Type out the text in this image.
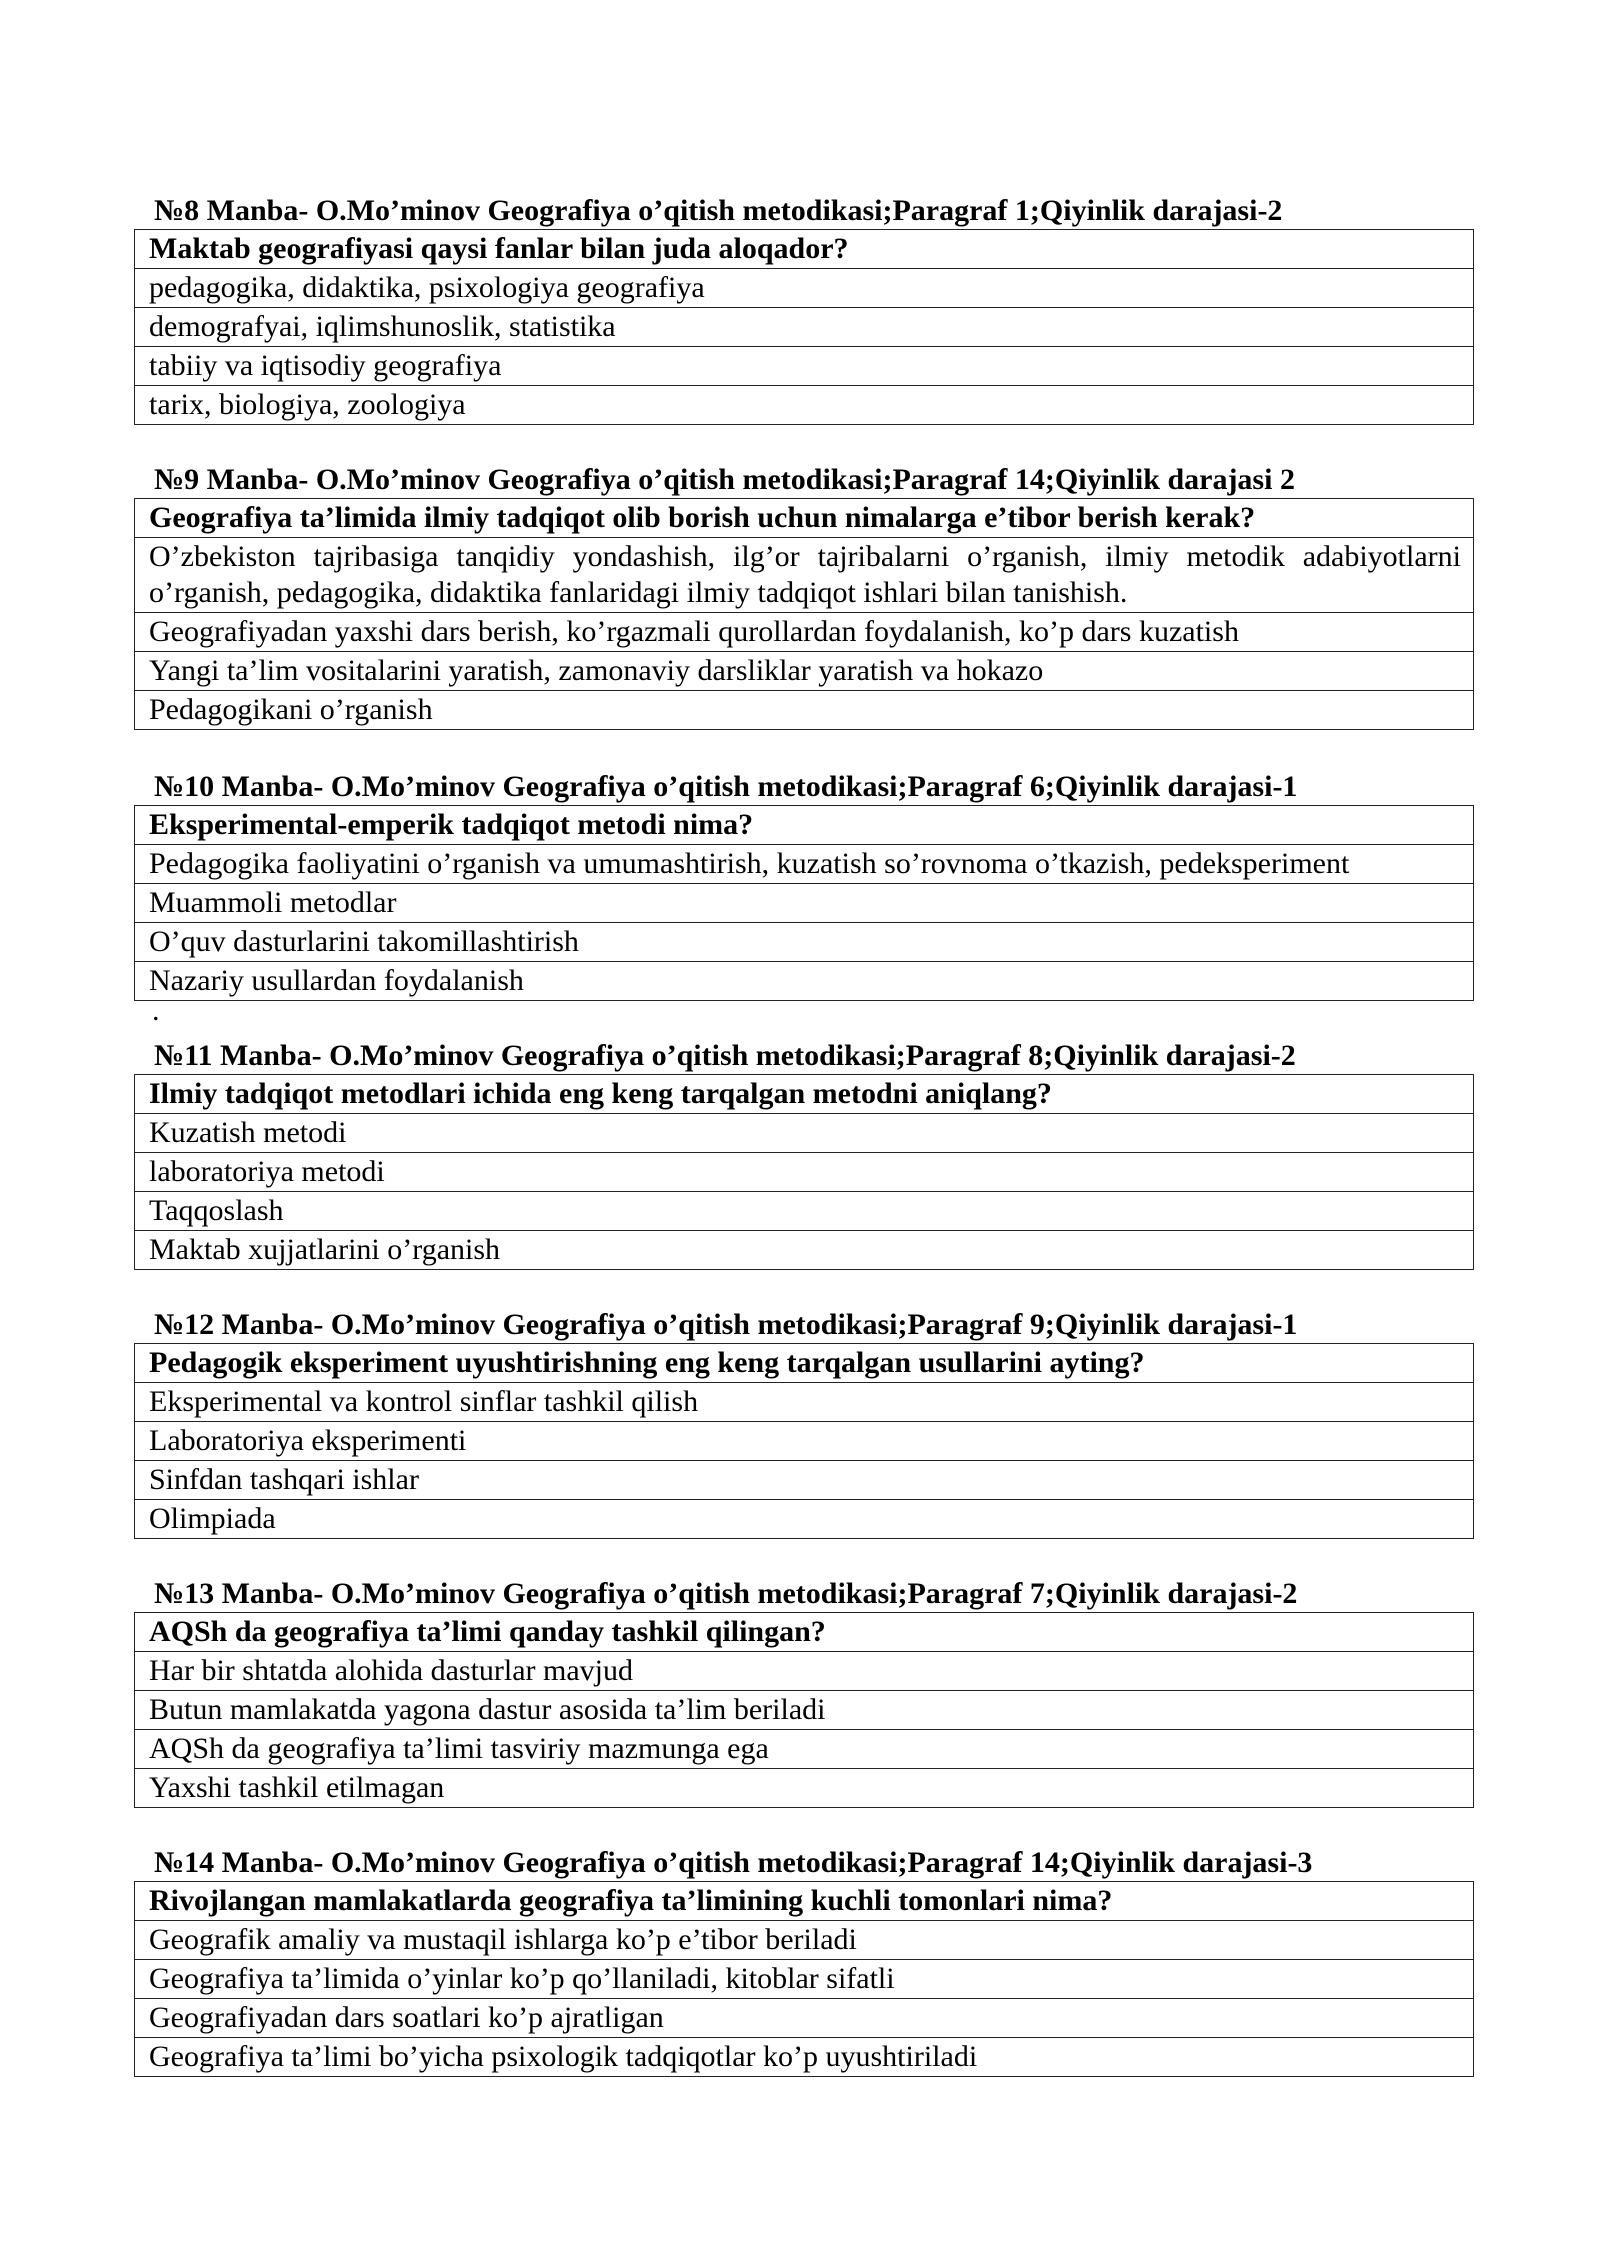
№8 Manba- O.Mo’minov Geografiya o’qitish metodikasi;Paragraf 1;Qiyinlik darajasi-2
Maktab geografiyasi qaysi fanlar bilan juda aloqador?
pedagogika, didaktika, psixologiya geografiya
demografyai, iqlimshunoslik, statistika
tabiiy va iqtisodiy geografiya
tarix, biologiya, zoologiya
№9 Manba- O.Mo’minov Geografiya o’qitish metodikasi;Paragraf 14;Qiyinlik darajasi 2
Geografiya ta’limida ilmiy tadqiqot olib borish uchun nimalarga e’tibor berish kerak?
O’zbekiston tajribasiga tanqidiy yondashish, ilg’or tajribalarni o’rganish, ilmiy metodik adabiyotlarni o’rganish, pedagogika, didaktika fanlaridagi ilmiy tadqiqot ishlari bilan tanishish.
Geografiyadan yaxshi dars berish, ko’rgazmali qurollardan foydalanish, ko’p dars kuzatish
Yangi ta’lim vositalarini yaratish, zamonaviy darsliklar yaratish va hokazo
Pedagogikani o’rganish
№10 Manba- O.Mo’minov Geografiya o’qitish metodikasi;Paragraf 6;Qiyinlik darajasi-1
Eksperimental-emperik tadqiqot metodi nima?
Pedagogika faoliyatini o’rganish va umumashtirish, kuzatish so’rovnoma o’tkazish, pedeksperiment
Muammoli metodlar
O’quv dasturlarini takomillashtirish
Nazariy usullardan foydalanish
.
№11 Manba- O.Mo’minov Geografiya o’qitish metodikasi;Paragraf 8;Qiyinlik darajasi-2
Ilmiy tadqiqot metodlari ichida eng keng tarqalgan metodni aniqlang?
Kuzatish metodi
laboratoriya metodi
Taqqoslash
Maktab xujjatlarini o’rganish
№12 Manba- O.Mo’minov Geografiya o’qitish metodikasi;Paragraf 9;Qiyinlik darajasi-1
Pedagogik eksperiment uyushtirishning eng keng tarqalgan usullarini ayting?
Eksperimental va kontrol sinflar tashkil qilish
Laboratoriya eksperimenti
Sinfdan tashqari ishlar
Olimpiada
№13 Manba- O.Mo’minov Geografiya o’qitish metodikasi;Paragraf 7;Qiyinlik darajasi-2
AQSh da geografiya ta’limi qanday tashkil qilingan?
Har bir shtatda alohida dasturlar mavjud
Butun mamlakatda yagona dastur asosida ta’lim beriladi
AQSh da geografiya ta’limi tasviriy mazmunga ega
Yaxshi tashkil etilmagan
№14 Manba- O.Mo’minov Geografiya o’qitish metodikasi;Paragraf 14;Qiyinlik darajasi-3
Rivojlangan mamlakatlarda geografiya ta’limining kuchli tomonlari nima?
Geografik amaliy va mustaqil ishlarga ko’p e’tibor beriladi
Geografiya ta’limida o’yinlar ko’p qo’llaniladi, kitoblar sifatli
Geografiyadan dars soatlari ko’p ajratligan
Geografiya ta’limi bo’yicha psixologik tadqiqotlar ko’p uyushtiriladi
